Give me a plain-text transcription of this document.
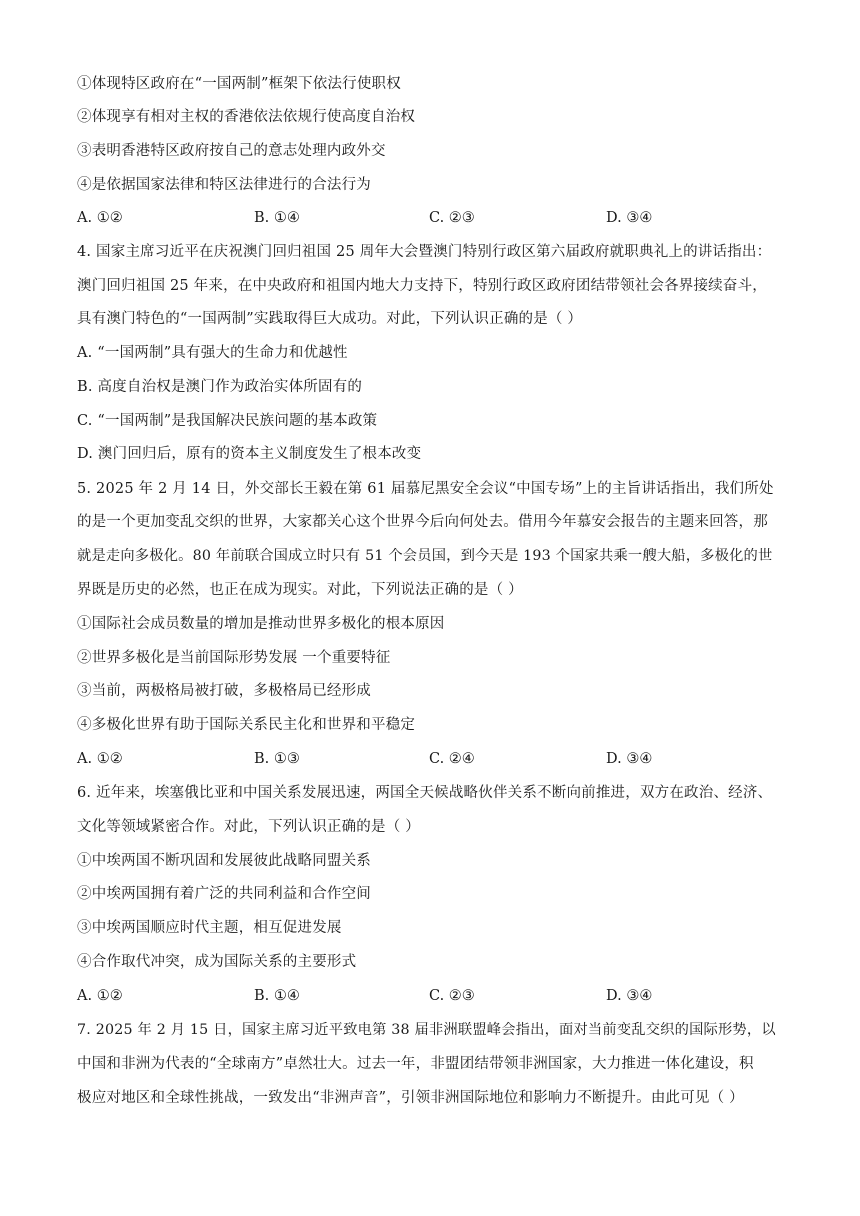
①体现特区政府在“一国两制”框架下依法行使职权
②体现享有相对主权的香港依法依规行使高度自治权
③表明香港特区政府按自己的意志处理内政外交
④是依据国家法律和特区法律进行的合法行为
A. ①②	B. ①④	C. ②③	D. ③④
4. 国家主席习近平在庆祝澳门回归祖国 25 周年大会暨澳门特别行政区第六届政府就职典礼上的讲话指出：
澳门回归祖国 25 年来，在中央政府和祖国内地大力支持下，特别行政区政府团结带领社会各界接续奋斗，
具有澳门特色的“一国两制”实践取得巨大成功。对此，下列认识正确的是（ ）
A. “一国两制”具有强大的生命力和优越性
B. 高度自治权是澳门作为政治实体所固有的
C. “一国两制”是我国解决民族问题的基本政策
D. 澳门回归后，原有的资本主义制度发生了根本改变
5. 2025 年 2 月 14 日，外交部长王毅在第 61 届慕尼黑安全会议“中国专场”上的主旨讲话指出，我们所处
的是一个更加变乱交织的世界，大家都关心这个世界今后向何处去。借用今年慕安会报告的主题来回答，那
就是走向多极化。80 年前联合国成立时只有 51 个会员国，到今天是 193 个国家共乘一艘大船，多极化的世
界既是历史的必然，也正在成为现实。对此，下列说法正确的是（ ）
①国际社会成员数量的增加是推动世界多极化的根本原因
②世界多极化是当前国际形势发展 一个重要特征
③当前，两极格局被打破，多极格局已经形成
④多极化世界有助于国际关系民主化和世界和平稳定
A. ①②	B. ①③	C. ②④	D. ③④
6. 近年来，埃塞俄比亚和中国关系发展迅速，两国全天候战略伙伴关系不断向前推进，双方在政治、经济、
文化等领域紧密合作。对此，下列认识正确的是（ ）
①中埃两国不断巩固和发展彼此战略同盟关系
②中埃两国拥有着广泛的共同利益和合作空间
③中埃两国顺应时代主题，相互促进发展
④合作取代冲突，成为国际关系的主要形式
A. ①②	B. ①④	C. ②③	D. ③④
7. 2025 年 2 月 15 日，国家主席习近平致电第 38 届非洲联盟峰会指出，面对当前变乱交织的国际形势，以
中国和非洲为代表的“全球南方”卓然壮大。过去一年，非盟团结带领非洲国家，大力推进一体化建设，积
极应对地区和全球性挑战，一致发出“非洲声音”，引领非洲国际地位和影响力不断提升。由此可见（ ）
